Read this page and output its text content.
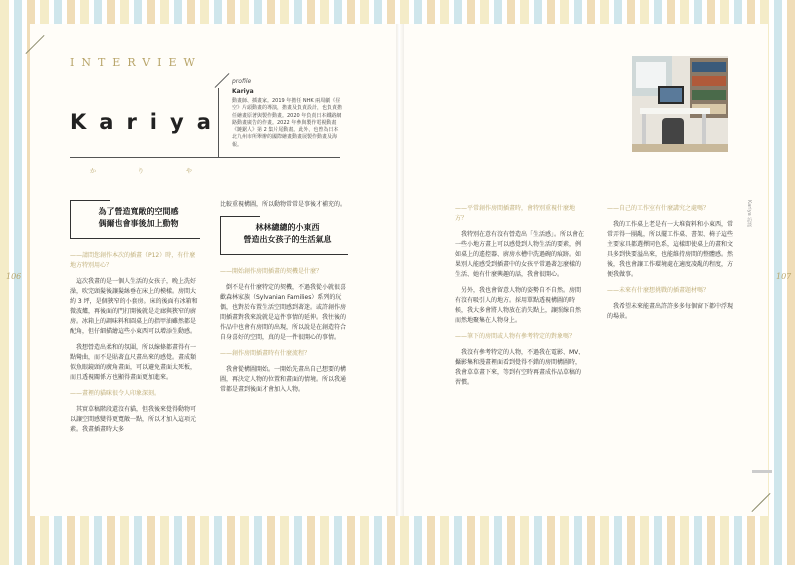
INTERVIEW
Kariya
か り や
profile
Kariya
動畫師、插畫家。2019 年擔任 NHK 兩周劇《昼空》片頭動畫的導演，擔畫及負責設計，也負責擔任繪畫原著與製作動畫。2020 年負責日本鐵路網路動畫廣告的作畫。2022 年參與製作電視動畫《鏈鋸人》第 2 集片尾動畫。此外，也曾為日本北九州市所舉辦的國際繪畫動畫展製作動畫及海報。
106	107
為了營造寬敞的空間感
偶爾也會事後加上動物
——請問您創作本次的插畫（P12）時，有什麼地方特別用心？

這次我畫的是一個人生活的女孩子，晚上洗好澡，吹完頭髮後讓髮絲垂在床上的模樣。房間大約 3 坪，是個狹窄的小套房。床的後面有冰箱和微波爐，再後面的門打開後就是走廊與狹窄的廚房。冰箱上的調味料和圓桌上的指甲油雖然都是配角，但仔細描繪這些小東西可以增添生動感。

我想營造出柔和的氛圍，所以線條都畫得有一點彎曲，而不是貼著直尺畫出來的感覺。畫成類似魚眼鏡頭的廣角畫面，可以避免畫面太死板，而且透視關係方也顯得畫面更加進來。

——畫裡的貓咪很令人印象深刻。

其實草稿階段還沒有貓，但我後來覺得動物可以讓空間感變得更寬敞一點，所以才加入這項元素。我畫插畫時大多

比較重視構圖，所以動物常常是事後才補充的。

林林總總的小東西
營造出女孩子的生活氣息
——開始創作房間插畫的契機是什麼？

倒不是有什麼特定的契機，不過我從小就很喜歡森林家族（Sylvanian Families）系列的玩偶，也對於布置生活空間感到著迷。或許創作房間插畫對我來說就是這件事情的延伸。我往後的作品中也會有房間的出現，所以說是在創造符合自身喜好的空間，真的是一件很開心的事情。

——創作房間插畫時有什麼流程？

我會從構圖開始。一開始先畫出自己想要的構圖，再決定人物的位置和畫面的情境。所以我通常都是畫到後面才會加入人物。

——平常創作房間插畫時，會特別重視什麼地方？

我特別在意有沒有營造出「生活感」。所以會在一些小地方畫上可以感覺到人物生活的要素，例如桌上的遙控器、廚房水槽中洗過碗的痕跡。如果別人能感受到插畫中的女孩平常過著怎麼樣的生活、她有什麼興趣的話，我會很開心。

另外，我也會留意人物的姿勢自不自然。房間有沒有吸引人的地方。採用單點透視構圖的時候，我大多會將人物放在消失點上，讓照線自然而然地聚集在人物身上。

——筆下的房間或人物有參考特定的對象嗎？

我沒有參考特定的人物，不過我在電影、MV、攝影集和漫畫裡面看到覺得不錯的房間構圖時，我會草草畫下來，等到有空時再畫成作品草稿的習慣。

——自己的工作室有什麼講究之處嗎？

我的工作桌上老是有一大堆資料和小東西，常常弄得一團亂，所以擺工作桌、書架、椅子這些主要家具都選擇同色系，這樣即使桌上的畫和文具多到快要溢出來，也能維持房間的整體感。然後，我也會讓工作環境處在適度凌亂的程度，方便我做事。

——未來有什麼想挑戰的插畫題材嗎？

我希望未來能畫出許許多多每個窗下都中浮現的場景。

Kariya 訪談
